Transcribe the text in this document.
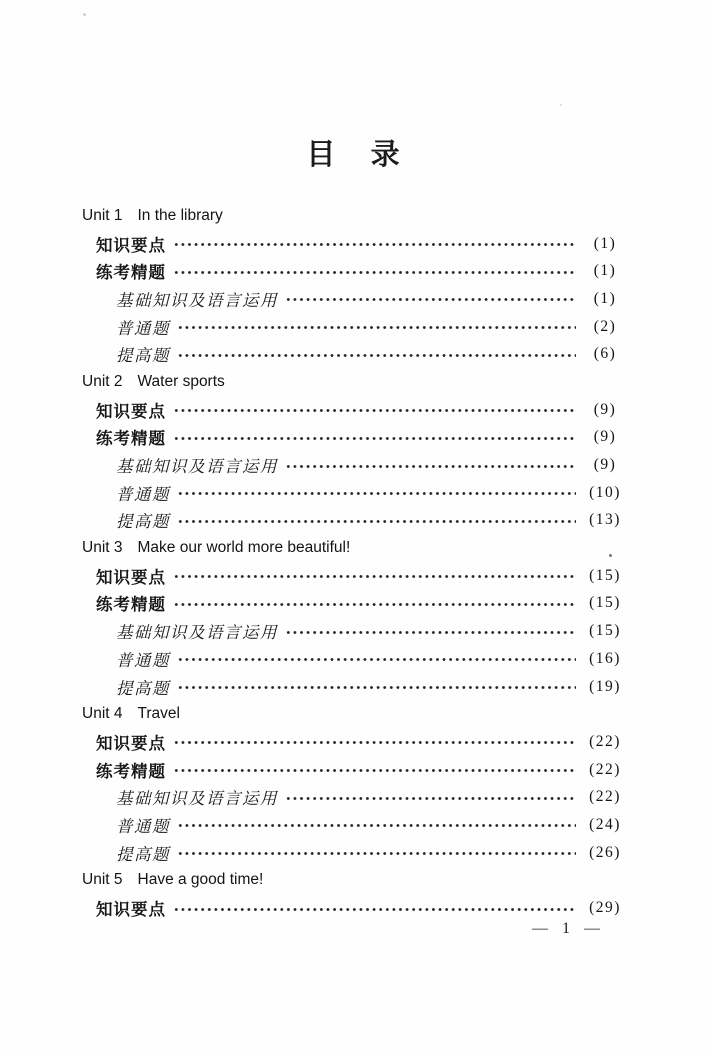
目 录
Unit 1 In the library
知识要点	(1)
练考精题	(1)
基础知识及语言运用	(1)
普通题	(2)
提高题	(6)
Unit 2 Water sports
知识要点	(9)
练考精题	(9)
基础知识及语言运用	(9)
普通题	(10)
提高题	(13)
Unit 3 Make our world more beautiful!
知识要点	(15)
练考精题	(15)
基础知识及语言运用	(15)
普通题	(16)
提高题	(19)
Unit 4 Travel
知识要点	(22)
练考精题	(22)
基础知识及语言运用	(22)
普通题	(24)
提高题	(26)
Unit 5 Have a good time!
知识要点	(29)
— 1 —
